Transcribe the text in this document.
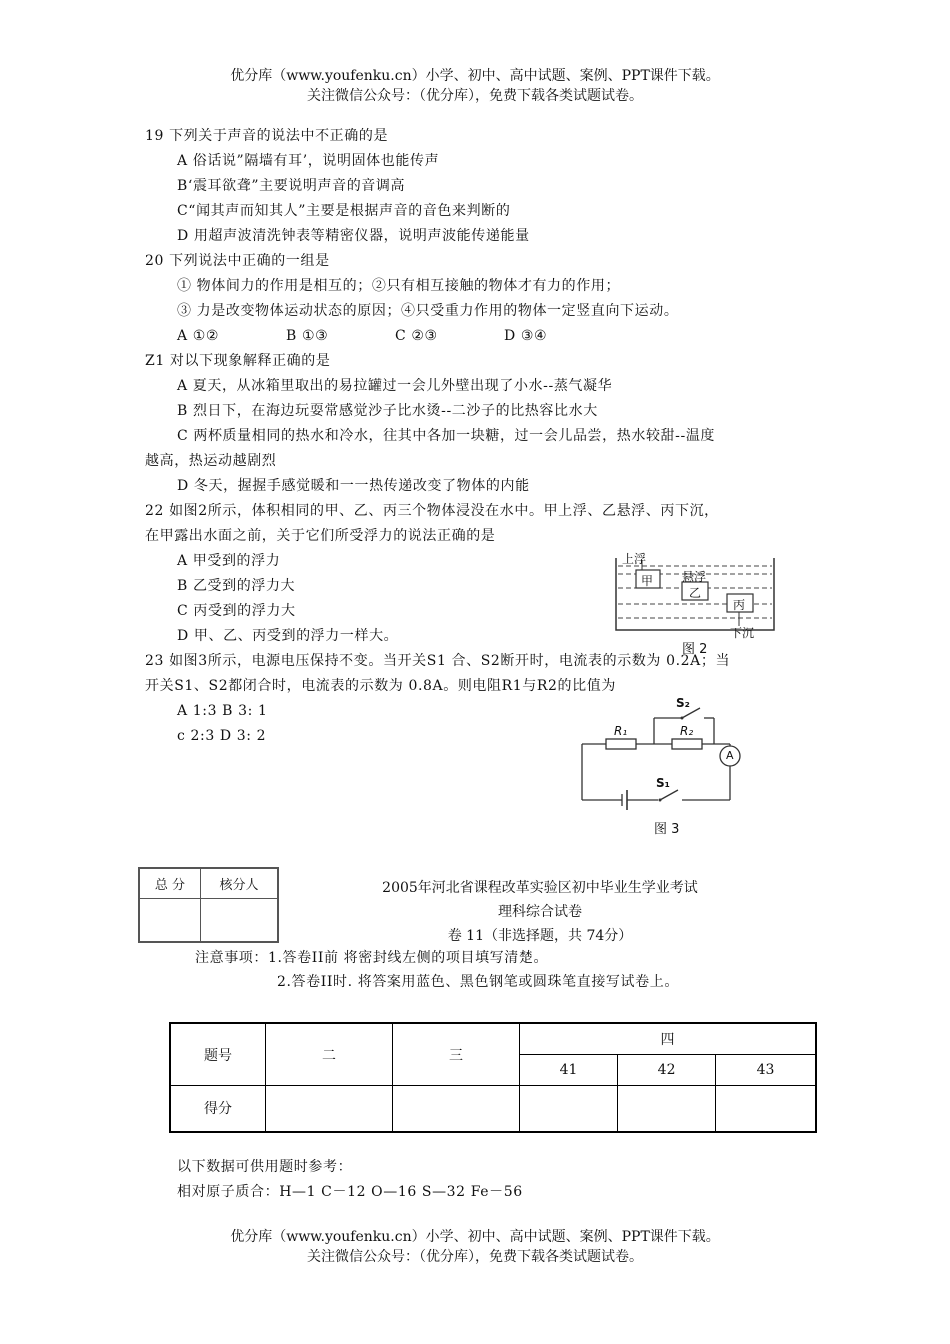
优分库（www.youfenku.cn）小学、初中、高中试题、案例、PPT课件下载。
关注微信公众号：（优分库），免费下载各类试题试卷。
19 下列关于声音的说法中不正确的是
A 俗话说”隔墙有耳’，说明固体也能传声
B‘震耳欲聋”主要说明声音的音调高
C“闻其声而知其人”主要是根据声音的音色来判断的
D 用超声波清洗钟表等精密仪器，说明声波能传递能量
20 下列说法中正确的一组是
① 物体间力的作用是相互的；②只有相互接触的物体才有力的作用；
③ 力是改变物体运动状态的原因；④只受重力作用的物体一定竖直向下运动。
A ①②	B ①③	C ②③	D ③④
Z1 对以下现象解释正确的是
A 夏天，从冰箱里取出的易拉罐过一会儿外壁出现了小水--蒸气凝华
B 烈日下，在海边玩耍常感觉沙子比水烫--二沙子的比热容比水大
C 两杯质量相同的热水和冷水，往其中各加一块糖，过一会儿品尝，热水较甜--温度
越高，热运动越剧烈
D 冬天，握握手感觉暖和一一热传递改变了物体的内能
22 如图2所示，体积相同的甲、乙、丙三个物体浸没在水中。甲上浮、乙悬浮、丙下沉，
在甲露出水面之前，关于它们所受浮力的说法正确的是
A 甲受到的浮力
B 乙受到的浮力大
C 丙受到的浮力大
D 甲、乙、丙受到的浮力一样大。
上浮
悬浮
甲
乙
丙
下沉
图 2
23 如图3所示，电源电压保持不变。当开关S1 合、S2断开时，电流表的示数为 0.2A；当
开关S1、S2都闭合时，电流表的示数为 0.8A。则电阻R1与R2的比值为
A 1:3 B 3: 1
c 2:3 D 3: 2	R₁	R₂
S₂
S₁
A
图 3
总 分	核分人
		2005年河北省课程改革实验区初中毕业生学业考试
理科综合试卷
卷 11（非选择题，共 74分）
注意事项：1.答卷II前 将密封线左侧的项目填写清楚。
2.答卷II时. 将答案用蓝色、黑色钢笔或圆珠笔直接写试卷上。
题号	二	三	四		
			41	42	43
得分					
以下数据可供用题时参考：
相对原子质合：H—1 C－12 O—16 S—32 Fe－56
优分库（www.youfenku.cn）小学、初中、高中试题、案例、PPT课件下载。
关注微信公众号：（优分库），免费下载各类试题试卷。
